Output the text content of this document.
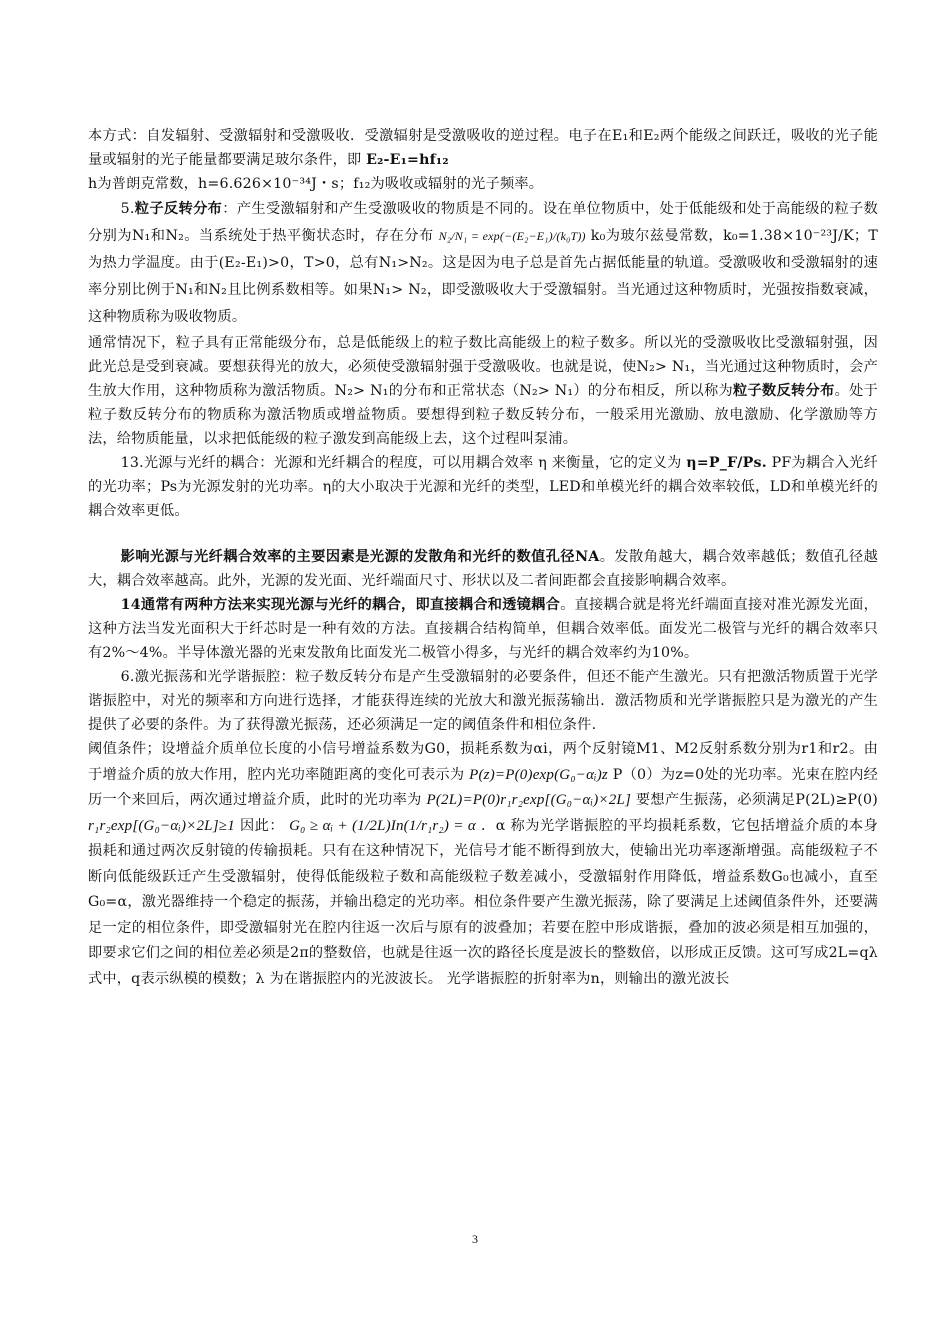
本方式：自发辐射、受激辐射和受激吸收．受激辐射是受激吸收的逆过程。电子在E₁和E₂两个能级之间跃迁，吸收的光子能量或辐射的光子能量都要满足玻尔条件，即 E₂-E₁=hf₁₂

h为普朗克常数，h=6.626×10⁻³⁴J・s；f₁₂为吸收或辐射的光子频率。

5.粒子反转分布：产生受激辐射和产生受激吸收的物质是不同的。设在单位物质中，处于低能级和处于高能级的粒子数分别为N₁和N₂。当系统处于热平衡状态时，存在分布 N₂/N₁ = exp(−(E₂−E₁)/(k₀T)) k₀为玻尔兹曼常数，k₀=1.38×10⁻²³J/K；T为热力学温度。由于(E₂-E₁)>0，T>0，总有N₁>N₂。这是因为电子总是首先占据低能量的轨道。受激吸收和受激辐射的速率分别比例于N₁和N₂且比例系数相等。如果N₁> N₂，即受激吸收大于受激辐射。当光通过这种物质时，光强按指数衰减，这种物质称为吸收物质。

通常情况下，粒子具有正常能级分布，总是低能级上的粒子数比高能级上的粒子数多。所以光的受激吸收比受激辐射强，因此光总是受到衰减。要想获得光的放大，必须使受激辐射强于受激吸收。也就是说，使N₂> N₁，当光通过这种物质时，会产生放大作用，这种物质称为激活物质。N₂> N₁的分布和正常状态（N₂> N₁）的分布相反，所以称为粒子数反转分布。处于粒子数反转分布的物质称为激活物质或增益物质。要想得到粒子数反转分布，一般采用光激励、放电激励、化学激励等方法，给物质能量，以求把低能级的粒子激发到高能级上去，这个过程叫泵浦。

13.光源与光纤的耦合：光源和光纤耦合的程度，可以用耦合效率 η 来衡量，它的定义为 η=P_F/Ps. PF为耦合入光纤的光功率；Ps为光源发射的光功率。η的大小取决于光源和光纤的类型，LED和单模光纤的耦合效率较低，LD和单模光纤的耦合效率更低。

影响光源与光纤耦合效率的主要因素是光源的发散角和光纤的数值孔径NA。发散角越大，耦合效率越低；数值孔径越大，耦合效率越高。此外，光源的发光面、光纤端面尺寸、形状以及二者间距都会直接影响耦合效率。

14通常有两种方法来实现光源与光纤的耦合，即直接耦合和透镜耦合。直接耦合就是将光纤端面直接对准光源发光面，这种方法当发光面积大于纤芯时是一种有效的方法。直接耦合结构简单，但耦合效率低。面发光二极管与光纤的耦合效率只有2%～4%。半导体激光器的光束发散角比面发光二极管小得多，与光纤的耦合效率约为10%。

6.激光振荡和光学谐振腔：粒子数反转分布是产生受激辐射的必要条件，但还不能产生激光。只有把激活物质置于光学谐振腔中，对光的频率和方向进行选择，才能获得连续的光放大和激光振荡输出．激活物质和光学谐振腔只是为激光的产生提供了必要的条件。为了获得激光振荡，还必须满足一定的阈值条件和相位条件.

阈值条件；设增益介质单位长度的小信号增益系数为G0，损耗系数为αi，两个反射镜M1、M2反射系数分别为r1和r2。由于增益介质的放大作用，腔内光功率随距离的变化可表示为 P(z)=P(0)exp(G₀−αᵢ)z P（0）为z=0处的光功率。光束在腔内经历一个来回后，两次通过增益介质，此时的光功率为 P(2L)=P(0)r₁r₂exp[(G₀−αᵢ)×2L] 要想产生振荡，必须满足P(2L)≥P(0) r₁r₂exp[(G₀−αᵢ)×2L]≥1 因此： G₀ ≥ αᵢ + (1/2L)In(1/r₁r₂) = α ．α 称为光学谐振腔的平均损耗系数，它包括增益介质的本身损耗和通过两次反射镜的传输损耗。只有在这种情况下，光信号才能不断得到放大，使输出光功率逐渐增强。高能级粒子不断向低能级跃迁产生受激辐射，使得低能级粒子数和高能级粒子数差减小，受激辐射作用降低，增益系数G₀也减小，直至G₀=α，激光器维持一个稳定的振荡，并输出稳定的光功率。相位条件要产生激光振荡，除了要满足上述阈值条件外，还要满足一定的相位条件，即受激辐射光在腔内往返一次后与原有的波叠加；若要在腔中形成谐振，叠加的波必须是相互加强的，即要求它们之间的相位差必须是2π的整数倍，也就是往返一次的路径长度是波长的整数倍，以形成正反馈。这可写成2L=qλ 式中，q表示纵模的模数；λ 为在谐振腔内的光波波长。 光学谐振腔的折射率为n，则输出的激光波长

3
